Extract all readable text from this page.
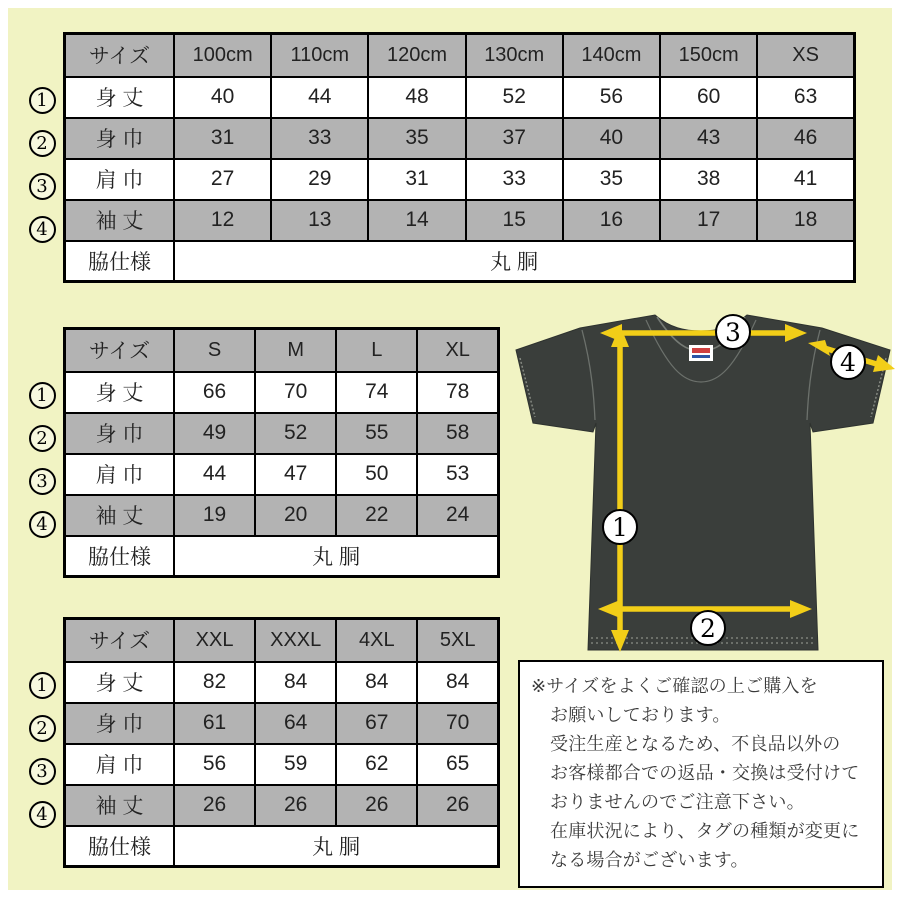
サイズ	100cm	110cm	120cm	130cm	140cm	150cm	XS
身 丈	40	44	48	52	56	60	63
身 巾	31	33	35	37	40	43	46
肩 巾	27	29	31	33	35	38	41
袖 丈	12	13	14	15	16	17	18
脇仕様	丸 胴						
1
2
3
4
サイズ	S	M	L	XL
身 丈	66	70	74	78
身 巾	49	52	55	58
肩 巾	44	47	50	53
袖 丈	19	20	22	24
脇仕様	丸 胴			
1
2
3
4
サイズ	XXL	XXXL	4XL	5XL
身 丈	82	84	84	84
身 巾	61	64	67	70
肩 巾	56	59	62	65
袖 丈	26	26	26	26
脇仕様	丸 胴			
1
2
3
4
3
4
1
2

※サイズをよくご確認の上ご購入を

お願いしております。

受注生産となるため、不良品以外の

お客様都合での返品・交換は受付けて

おりませんのでご注意下さい。

在庫状況により、タグの種類が変更に

なる場合がございます。
